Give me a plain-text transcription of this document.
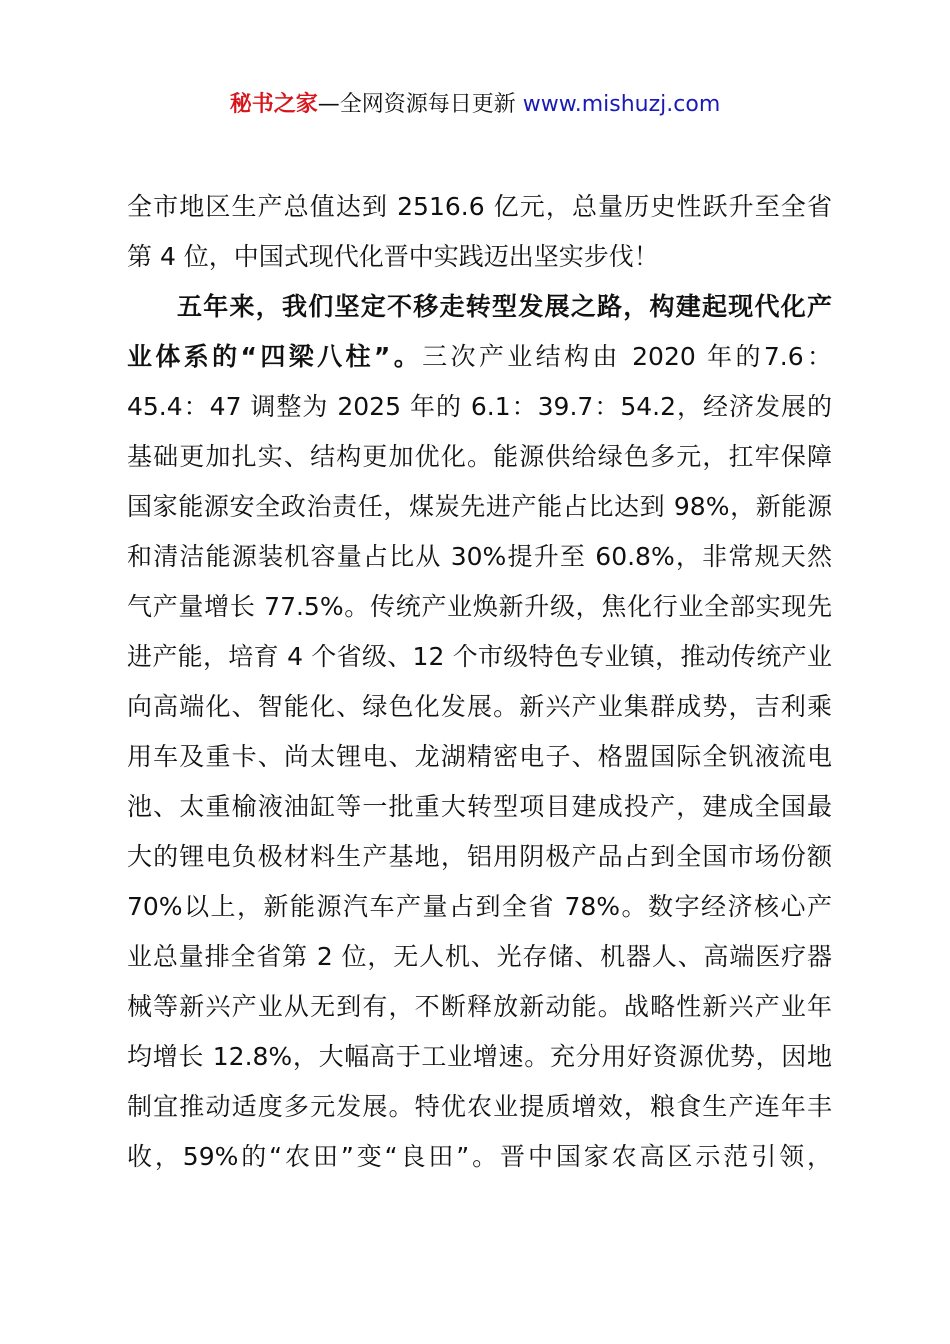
秘书之家—全网资源每日更新 www.mishuzj.com
全市地区生产总值达到 2516.6 亿元，总量历史性跃升至全省
第 4 位，中国式现代化晋中实践迈出坚实步伐！
五年来，我们坚定不移走转型发展之路，构建起现代化产
业体系的“四梁八柱”。三次产业结构由 2020 年的7.6：
45.4：47 调整为 2025 年的 6.1：39.7：54.2，经济发展的
基础更加扎实、结构更加优化。能源供给绿色多元，扛牢保障
国家能源安全政治责任，煤炭先进产能占比达到 98%，新能源
和清洁能源装机容量占比从 30%提升至 60.8%，非常规天然
气产量增长 77.5%。传统产业焕新升级，焦化行业全部实现先
进产能，培育 4 个省级、12 个市级特色专业镇，推动传统产业
向高端化、智能化、绿色化发展。新兴产业集群成势，吉利乘
用车及重卡、尚太锂电、龙湖精密电子、格盟国际全钒液流电
池、太重榆液油缸等一批重大转型项目建成投产，建成全国最
大的锂电负极材料生产基地，铝用阴极产品占到全国市场份额
70%以上，新能源汽车产量占到全省 78%。数字经济核心产
业总量排全省第 2 位，无人机、光存储、机器人、高端医疗器
械等新兴产业从无到有，不断释放新动能。战略性新兴产业年
均增长 12.8%，大幅高于工业增速。充分用好资源优势，因地
制宜推动适度多元发展。特优农业提质增效，粮食生产连年丰
收，59%的“农田”变“良田”。晋中国家农高区示范引领，
